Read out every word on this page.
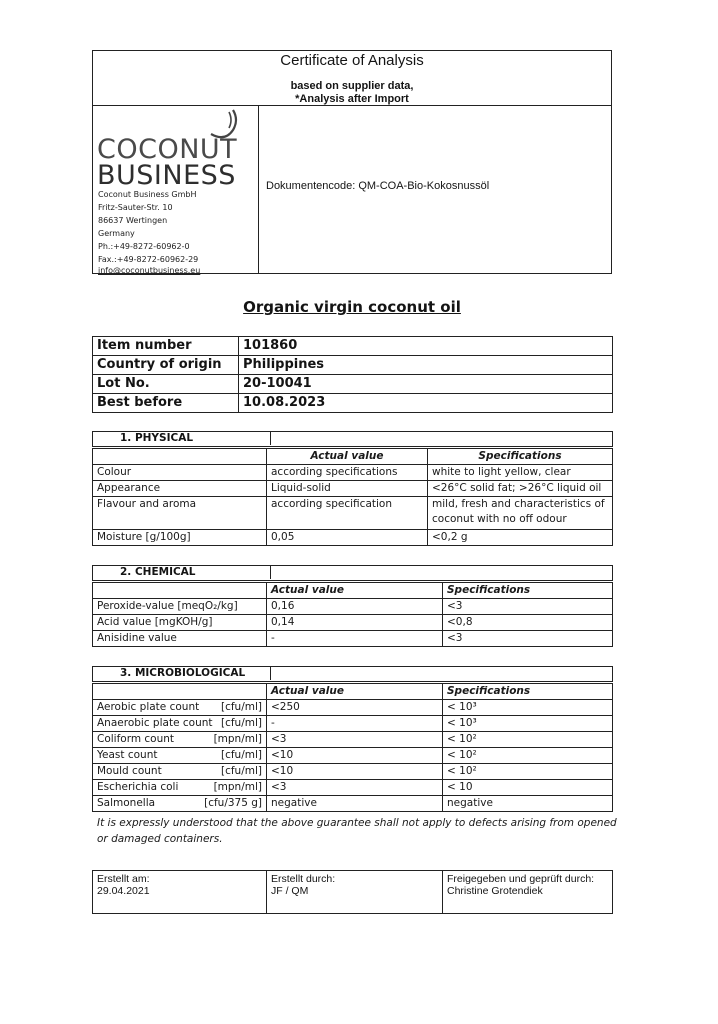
Certificate of Analysis
based on supplier data,
*Analysis after Import
COCONUT
BUSINESS
Coconut Business GmbH
Fritz-Sauter-Str. 10
86637 Wertingen
Germany
Ph.:+49-8272-60962-0
Fax.:+49-8272-60962-29
info@coconutbusiness.eu
Dokumentencode: QM-COA-Bio-Kokosnussöl
Organic virgin coconut oil
Item number	101860
Country of origin	Philippines
Lot No.	20-10041
Best before	10.08.2023
1. PHYSICAL
	Actual value	Specifications
Colour	according specifications	white to light yellow, clear
Appearance	Liquid-solid	<26°C solid fat; >26°C liquid oil
Flavour and aroma	according specification	mild, fresh and characteristics of
coconut with no off odour

Moisture [g/100g]	0,05	<0,2 g
2. CHEMICAL
	Actual value	Specifications
Peroxide-value [meqO₂/kg]	0,16	<3
Acid value [mgKOH/g]	0,14	<0,8
Anisidine value	-	<3
3. MICROBIOLOGICAL
	Actual value	Specifications
Aerobic plate count [cfu/ml]	<250	< 10³
Anaerobic plate count [cfu/ml]	-	< 10³
Coliform count [mpn/ml]	<3	< 10²
Yeast count [cfu/ml]	<10	< 10²
Mould count [cfu/ml]	<10	< 10²
Escherichia coli [mpn/ml]	<3	< 10
Salmonella [cfu/375 g]	negative	negative
It is expressly understood that the above guarantee shall not apply to defects arising from opened or damaged containers.
Erstellt am:
29.04.2021

Erstellt durch:
JF / QM

Freigegeben und geprüft durch:
Christine Grotendiek
